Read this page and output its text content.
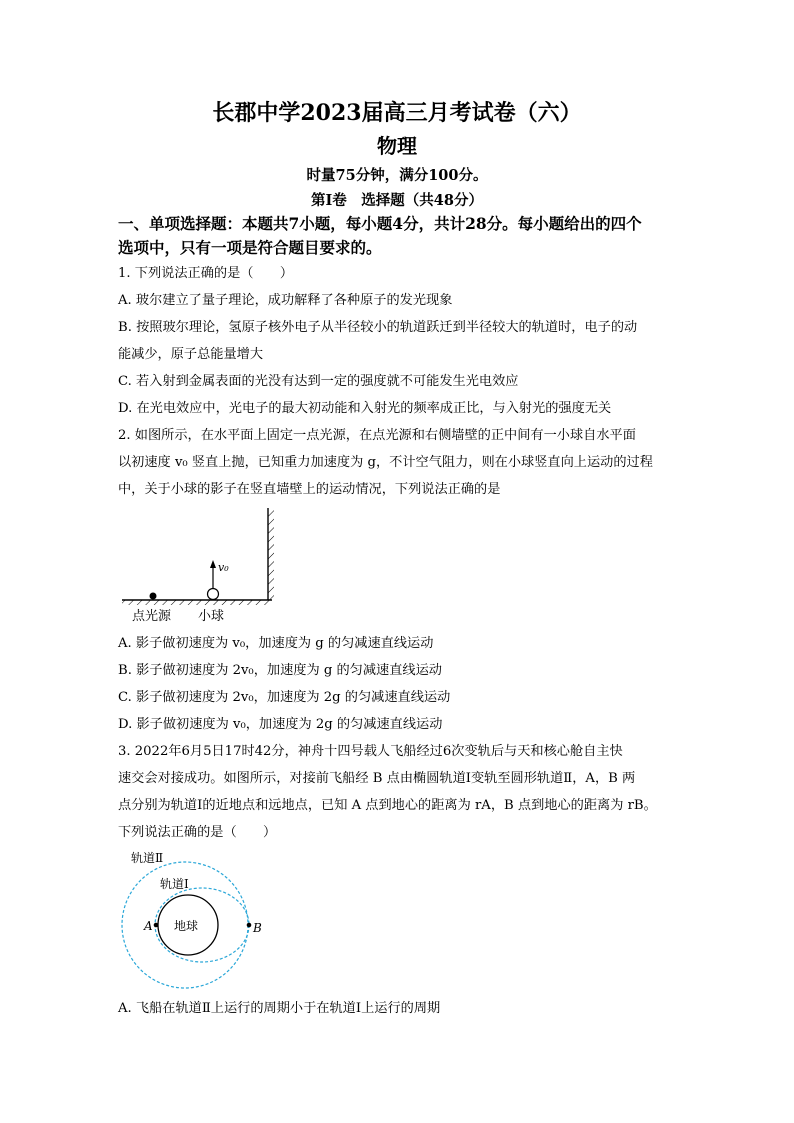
长郡中学2023届高三月考试卷（六）
物理
时量75分钟，满分100分。
第Ⅰ卷　选择题（共48分）
一、单项选择题：本题共7小题，每小题4分，共计28分。每小题给出的四个
选项中，只有一项是符合题目要求的。
1. 下列说法正确的是（　　）
A. 玻尔建立了量子理论，成功解释了各种原子的发光现象
B. 按照玻尔理论，氢原子核外电子从半径较小的轨道跃迁到半径较大的轨道时，电子的动
能减少，原子总能量增大
C. 若入射到金属表面的光没有达到一定的强度就不可能发生光电效应
D. 在光电效应中，光电子的最大初动能和入射光的频率成正比，与入射光的强度无关
2. 如图所示，在水平面上固定一点光源，在点光源和右侧墙壁的正中间有一小球自水平面
以初速度 v₀ 竖直上抛，已知重力加速度为 g，不计空气阻力，则在小球竖直向上运动的过程
中，关于小球的影子在竖直墙壁上的运动情况，下列说法正确的是
v₀
点光源 小球
A. 影子做初速度为 v₀，加速度为 g 的匀减速直线运动
B. 影子做初速度为 2v₀，加速度为 g 的匀减速直线运动
C. 影子做初速度为 2v₀，加速度为 2g 的匀减速直线运动
D. 影子做初速度为 v₀，加速度为 2g 的匀减速直线运动
3. 2022年6月5日17时42分，神舟十四号载人飞船经过6次变轨后与天和核心舱自主快
速交会对接成功。如图所示，对接前飞船经 B 点由椭圆轨道Ⅰ变轨至圆形轨道Ⅱ，A，B 两
点分别为轨道Ⅰ的近地点和远地点，已知 A 点到地心的距离为 rA，B 点到地心的距离为 rB。
下列说法正确的是（　　）
轨道Ⅱ
轨道Ⅰ
地球
A	B
A. 飞船在轨道Ⅱ上运行的周期小于在轨道Ⅰ上运行的周期
